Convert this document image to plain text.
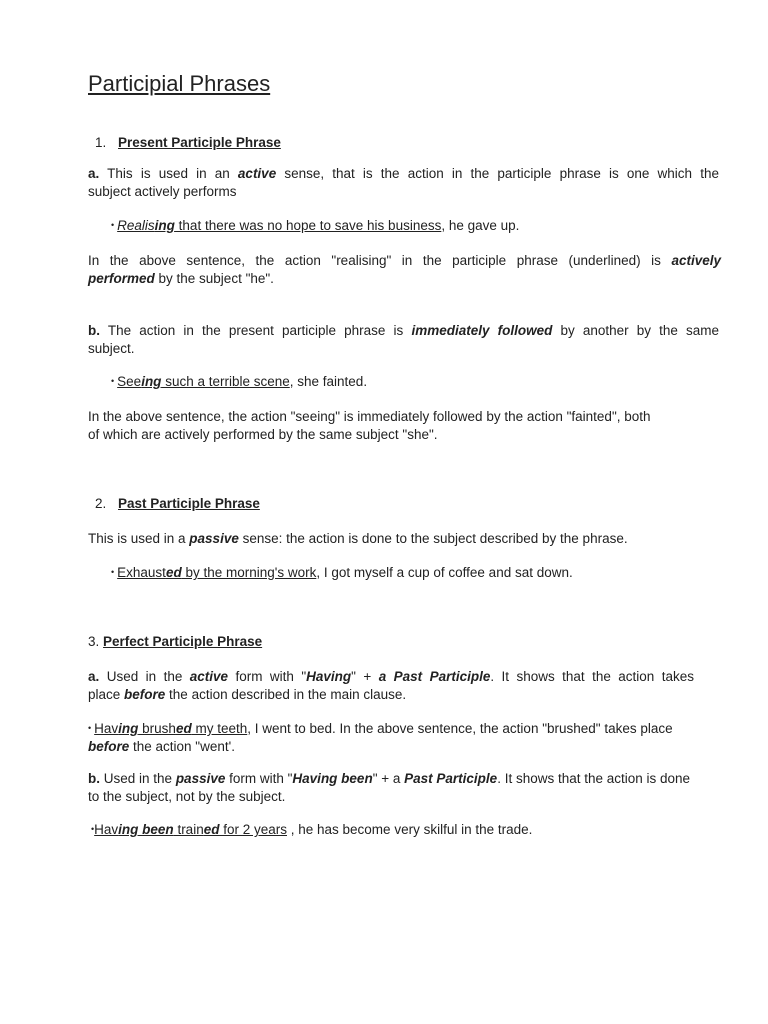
Participial Phrases
1. Present Participle Phrase
a. This is used in an active sense, that is the action in the participle phrase is one which the
subject actively performs
• Realising that there was no hope to save his business, he gave up.
In the above sentence, the action "realising" in the participle phrase (underlined) is actively
performed by the subject "he".
b. The action in the present participle phrase is immediately followed by another by the same
subject.
• Seeing such a terrible scene, she fainted.
In the above sentence, the action "seeing" is immediately followed by the action "fainted", both
of which are actively performed by the same subject "she".
2. Past Participle Phrase
This is used in a passive sense: the action is done to the subject described by the phrase.
• Exhausted by the morning's work, I got myself a cup of coffee and sat down.
3. Perfect Participle Phrase
a. Used in the active form with "Having" + a Past Participle. It shows that the action takes
place before the action described in the main clause.
• Having brushed my teeth, I went to bed. In the above sentence, the action "brushed" takes place
before the action "went'.
b. Used in the passive form with "Having been" + a Past Participle. It shows that the action is done
to the subject, not by the subject.
•Having been trained for 2 years , he has become very skilful in the trade.
